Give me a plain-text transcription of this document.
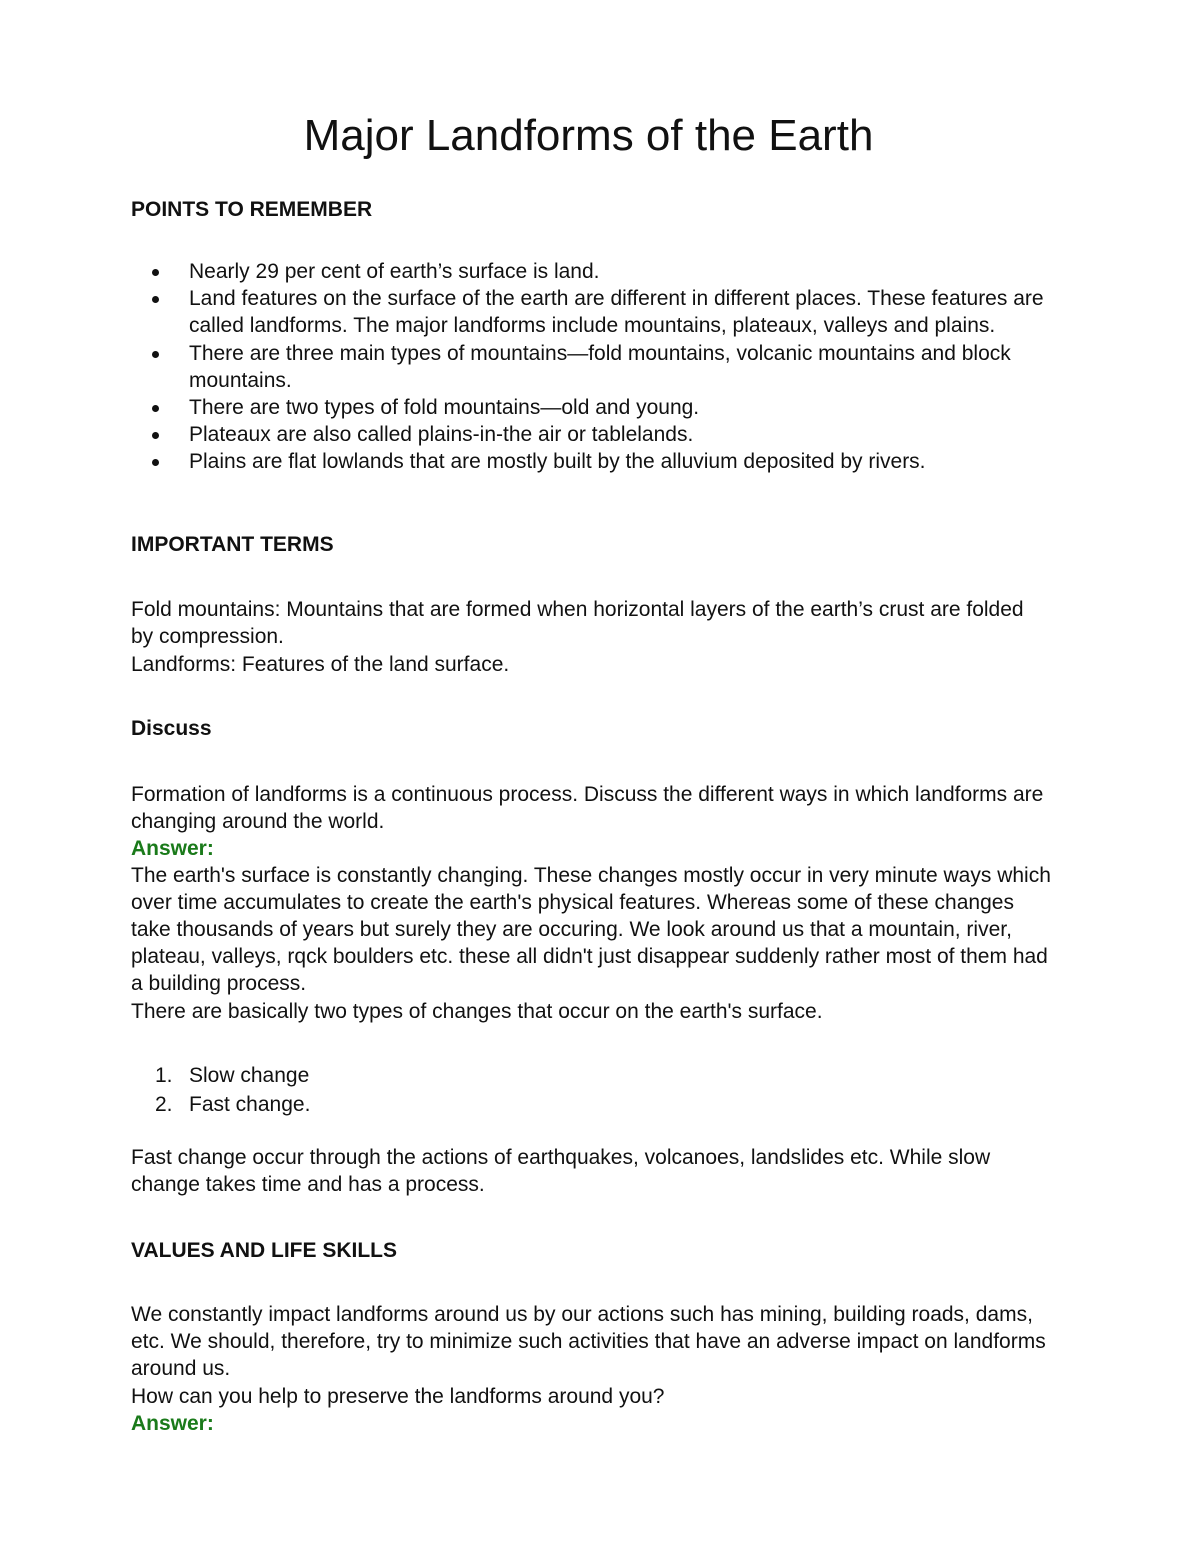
Major Landforms of the Earth
POINTS TO REMEMBER
Nearly 29 per cent of earth’s surface is land.
Land features on the surface of the earth are different in different places. These features are called landforms. The major landforms include mountains, plateaux, valleys and plains.
There are three main types of mountains—fold mountains, volcanic mountains and block mountains.
There are two types of fold mountains—old and young.
Plateaux are also called plains-in-the air or tablelands.
Plains are flat lowlands that are mostly built by the alluvium deposited by rivers.
IMPORTANT TERMS

Fold mountains: Mountains that are formed when horizontal layers of the earth’s crust are folded by compression.

Landforms: Features of the land surface.

Discuss

Formation of landforms is a continuous process. Discuss the different ways in which landforms are changing around the world.

Answer:

The earth's surface is constantly changing. These changes mostly occur in very minute ways which over time accumulates to create the earth's physical features. Whereas some of these changes take thousands of years but surely they are occuring. We look around us that a mountain, river, plateau, valleys, rqck boulders etc. these all didn't just disappear suddenly rather most of them had a building process.

There are basically two types of changes that occur on the earth's surface.

1. Slow change
2. Fast change.

Fast change occur through the actions of earthquakes, volcanoes, landslides etc. While slow change takes time and has a process.

VALUES AND LIFE SKILLS

We constantly impact landforms around us by our actions such has mining, building roads, dams, etc. We should, therefore, try to minimize such activities that have an adverse impact on landforms around us.

How can you help to preserve the landforms around you?

Answer:
